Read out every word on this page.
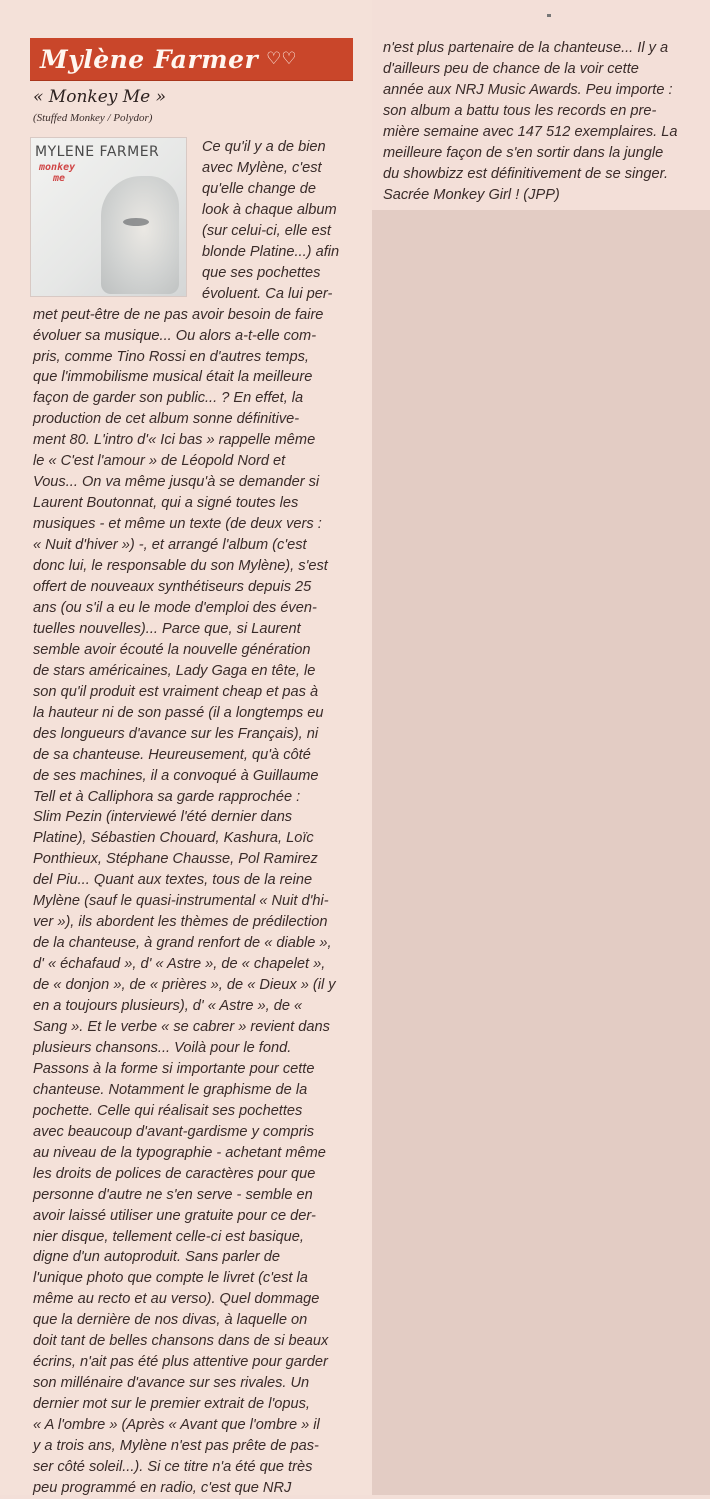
Mylène Farmer ♡♡
« Monkey Me »
(Stuffed Monkey / Polydor)
MYLENE FARMER
monkey
me

Ce qu'il y a de bien

avec Mylène, c'est

qu'elle change de

look à chaque album

(sur celui-ci, elle est

blonde Platine...) afin

que ses pochettes

évoluent. Ca lui per-

met peut-être de ne pas avoir besoin de faire

évoluer sa musique... Ou alors a-t-elle com-

pris, comme Tino Rossi en d'autres temps,

que l'immobilisme musical était la meilleure

façon de garder son public... ? En effet, la

production de cet album sonne définitive-

ment 80. L'intro d'« Ici bas » rappelle même

le « C'est l'amour » de Léopold Nord et

Vous... On va même jusqu'à se demander si

Laurent Boutonnat, qui a signé toutes les

musiques - et même un texte (de deux vers :

« Nuit d'hiver ») -, et arrangé l'album (c'est

donc lui, le responsable du son Mylène), s'est

offert de nouveaux synthétiseurs depuis 25

ans (ou s'il a eu le mode d'emploi des éven-

tuelles nouvelles)... Parce que, si Laurent

semble avoir écouté la nouvelle génération

de stars américaines, Lady Gaga en tête, le

son qu'il produit est vraiment cheap et pas à

la hauteur ni de son passé (il a longtemps eu

des longueurs d'avance sur les Français), ni

de sa chanteuse. Heureusement, qu'à côté

de ses machines, il a convoqué à Guillaume

Tell et à Calliphora sa garde rapprochée :

Slim Pezin (interviewé l'été dernier dans

Platine), Sébastien Chouard, Kashura, Loïc

Ponthieux, Stéphane Chausse, Pol Ramirez

del Piu... Quant aux textes, tous de la reine

Mylène (sauf le quasi-instrumental « Nuit d'hi-

ver »), ils abordent les thèmes de prédilection

de la chanteuse, à grand renfort de « diable »,

d' « échafaud », d' « Astre », de « chapelet »,

de « donjon », de « prières », de « Dieux » (il y

en a toujours plusieurs), d' « Astre », de «

Sang ». Et le verbe « se cabrer » revient dans

plusieurs chansons... Voilà pour le fond.

Passons à la forme si importante pour cette

chanteuse. Notamment le graphisme de la

pochette. Celle qui réalisait ses pochettes

avec beaucoup d'avant-gardisme y compris

au niveau de la typographie - achetant même

les droits de polices de caractères pour que

personne d'autre ne s'en serve - semble en

avoir laissé utiliser une gratuite pour ce der-

nier disque, tellement celle-ci est basique,

digne d'un autoproduit. Sans parler de

l'unique photo que compte le livret (c'est la

même au recto et au verso). Quel dommage

que la dernière de nos divas, à laquelle on

doit tant de belles chansons dans de si beaux

écrins, n'ait pas été plus attentive pour garder

son millénaire d'avance sur ses rivales. Un

dernier mot sur le premier extrait de l'opus,

« A l'ombre » (Après « Avant que l'ombre » il

y a trois ans, Mylène n'est pas prête de pas-

ser côté soleil...). Si ce titre n'a été que très

peu programmé en radio, c'est que NRJ

n'est plus partenaire de la chanteuse... Il y a

d'ailleurs peu de chance de la voir cette

année aux NRJ Music Awards. Peu importe :

son album a battu tous les records en pre-

mière semaine avec 147 512 exemplaires. La

meilleure façon de s'en sortir dans la jungle

du showbizz est définitivement de se singer.

Sacrée Monkey Girl ! (JPP)
